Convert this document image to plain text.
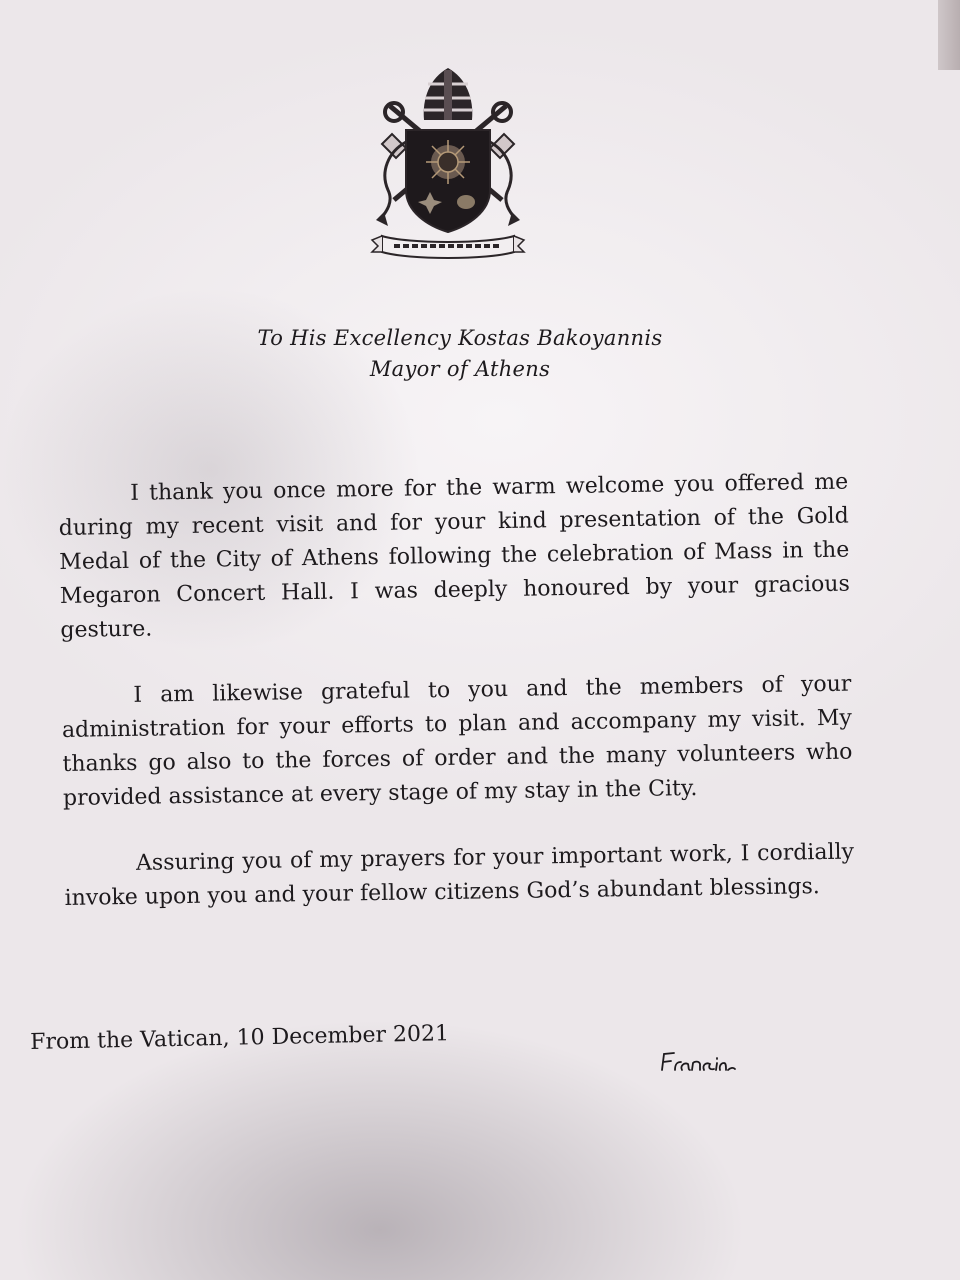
To His Excellency Kostas Bakoyannis
Mayor of Athens

I thank you once more for the warm welcome you offered me during my recent visit and for your kind presentation of the Gold Medal of the City of Athens following the celebration of Mass in the Megaron Concert Hall. I was deeply honoured by your gracious gesture.

I am likewise grateful to you and the members of your administration for your efforts to plan and accompany my visit. My thanks go also to the forces of order and the many volunteers who provided assistance at every stage of my stay in the City.

Assuring you of my prayers for your important work, I cordially invoke upon you and your fellow citizens God’s abundant blessings.

From the Vatican, 10 December 2021
